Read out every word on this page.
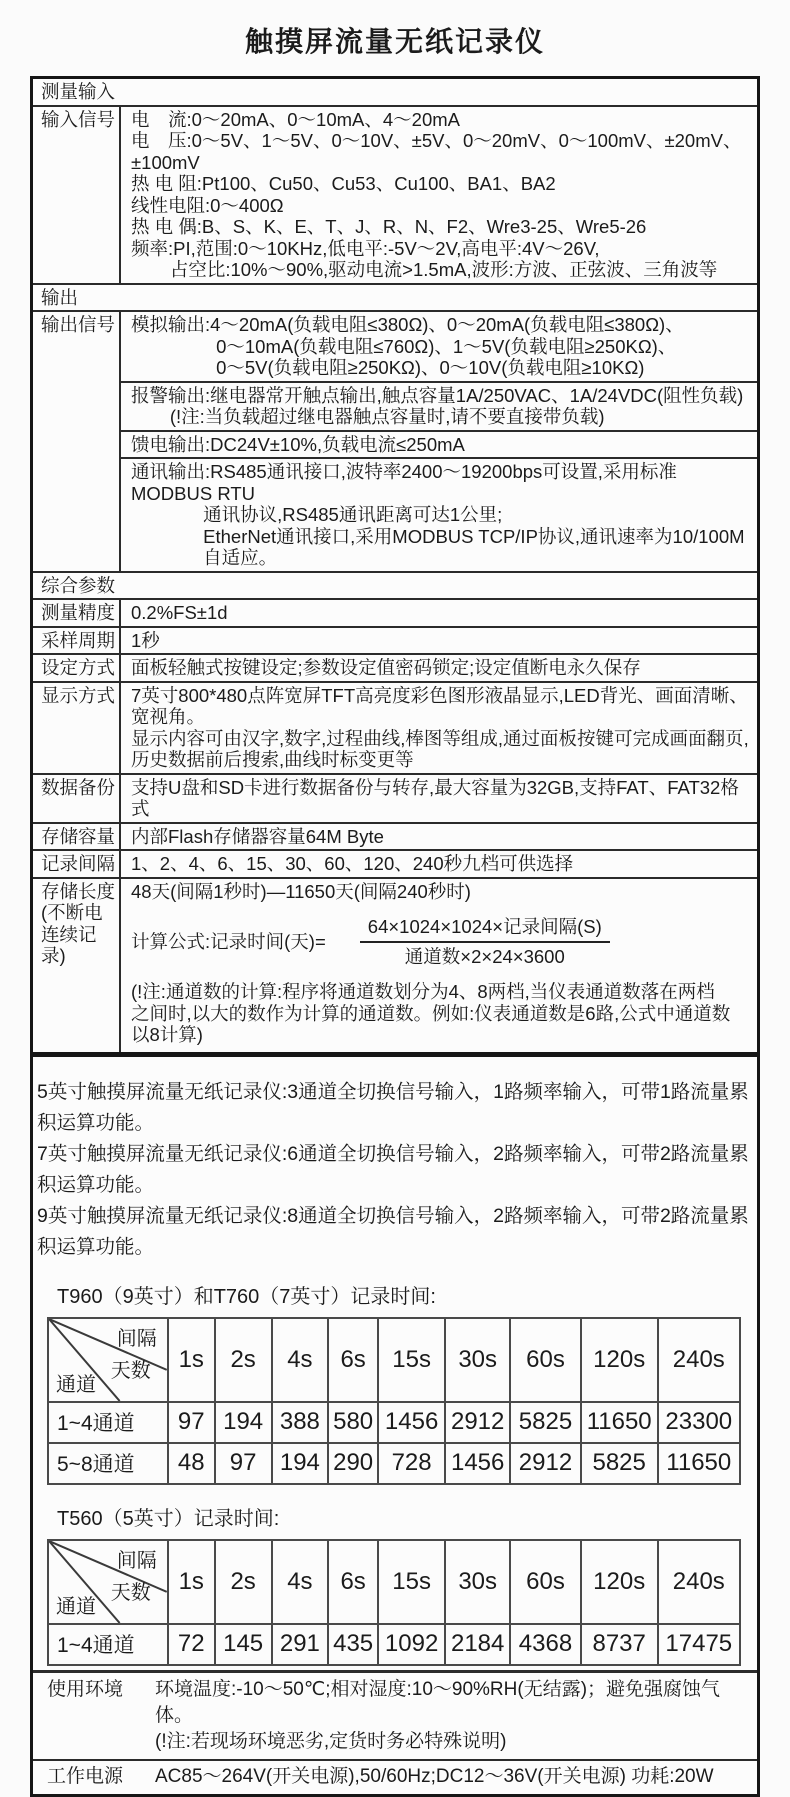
触摸屏流量无纸记录仪
测量输入
输入信号 电　流:0～20mA、0～10mA、4～20mA
电　压:0～5V、1～5V、0～10V、±5V、0～20mV、0～100mV、±20mV、±100mV
热 电 阻:Pt100、Cu50、Cu53、Cu100、BA1、BA2
线性电阻:0～400Ω
热 电 偶:B、S、K、E、T、J、R、N、F2、Wre3-25、Wre5-26
频率:PI,范围:0～10KHz,低电平:-5V～2V,高电平:4V～26V,
占空比:10%～90%,驱动电流>1.5mA,波形:方波、正弦波、三角波等
输出
输出信号 模拟输出:4～20mA(负载电阻≤380Ω)、0～20mA(负载电阻≤380Ω)、
0～10mA(负载电阻≤760Ω)、1～5V(负载电阻≥250KΩ)、
0～5V(负载电阻≥250KΩ)、0～10V(负载电阻≥10KΩ)
报警输出:继电器常开触点输出,触点容量1A/250VAC、1A/24VDC(阻性负载)
(!注:当负载超过继电器触点容量时,请不要直接带负载)
馈电输出:DC24V±10%,负载电流≤250mA
通讯输出:RS485通讯接口,波特率2400～19200bps可设置,采用标准MODBUS RTU
通讯协议,RS485通讯距离可达1公里;
EtherNet通讯接口,采用MODBUS TCP/IP协议,通讯速率为10/100M自适应。
综合参数
测量精度 0.2%FS±1d
采样周期 1秒
设定方式 面板轻触式按键设定;参数设定值密码锁定;设定值断电永久保存
显示方式 7英寸800*480点阵宽屏TFT高亮度彩色图形液晶显示,LED背光、画面清晰、宽视角。
显示内容可由汉字,数字,过程曲线,棒图等组成,通过面板按键可完成画面翻页,
历史数据前后搜索,曲线时标变更等
数据备份 支持U盘和SD卡进行数据备份与转存,最大容量为32GB,支持FAT、FAT32格式
存储容量 内部Flash存储器容量64M Byte
记录间隔 1、2、4、6、15、30、60、120、240秒九档可供选择
存储长度
(不断电
连续记录)
48天(间隔1秒时)—11650天(间隔240秒时)
计算公式:记录时间(天)= $\frac{\text{64×1024×1024×记录间隔(S)}}{\text{通道数×2×24×3600}}$
(!注:通道数的计算:程序将通道数划分为4、8两档,当仪表通道数落在两档
之间时,以大的数作为计算的通道数。例如:仪表通道数是6路,公式中通道数
以8计算)
5英寸触摸屏流量无纸记录仪:3通道全切换信号输入，1路频率输入，可带1路流量累积运算功能。
7英寸触摸屏流量无纸记录仪:6通道全切换信号输入，2路频率输入，可带2路流量累积运算功能。
9英寸触摸屏流量无纸记录仪:8通道全切换信号输入，2路频率输入，可带2路流量累积运算功能。
T960（9英寸）和T760（7英寸）记录时间:
间隔
天数
通道	1s	2s	4s	6s	15s	30s	60s	120s	240s
1~4通道	97	194	388	580	1456	2912	5825	11650	23300
5~8通道	48	97	194	290	728	1456	2912	5825	11650
T560（5英寸）记录时间:
间隔
天数
通道	1s	2s	4s	6s	15s	30s	60s	120s	240s
1~4通道	72	145	291	435	1092	2184	4368	8737	17475
使用环境	环境温度:-10～50℃;相对湿度:10～90%RH(无结露)；避免强腐蚀气体。
(!注:若现场环境恶劣,定货时务必特殊说明)
工作电源	AC85～264V(开关电源),50/60Hz;DC12～36V(开关电源) 功耗:20W
